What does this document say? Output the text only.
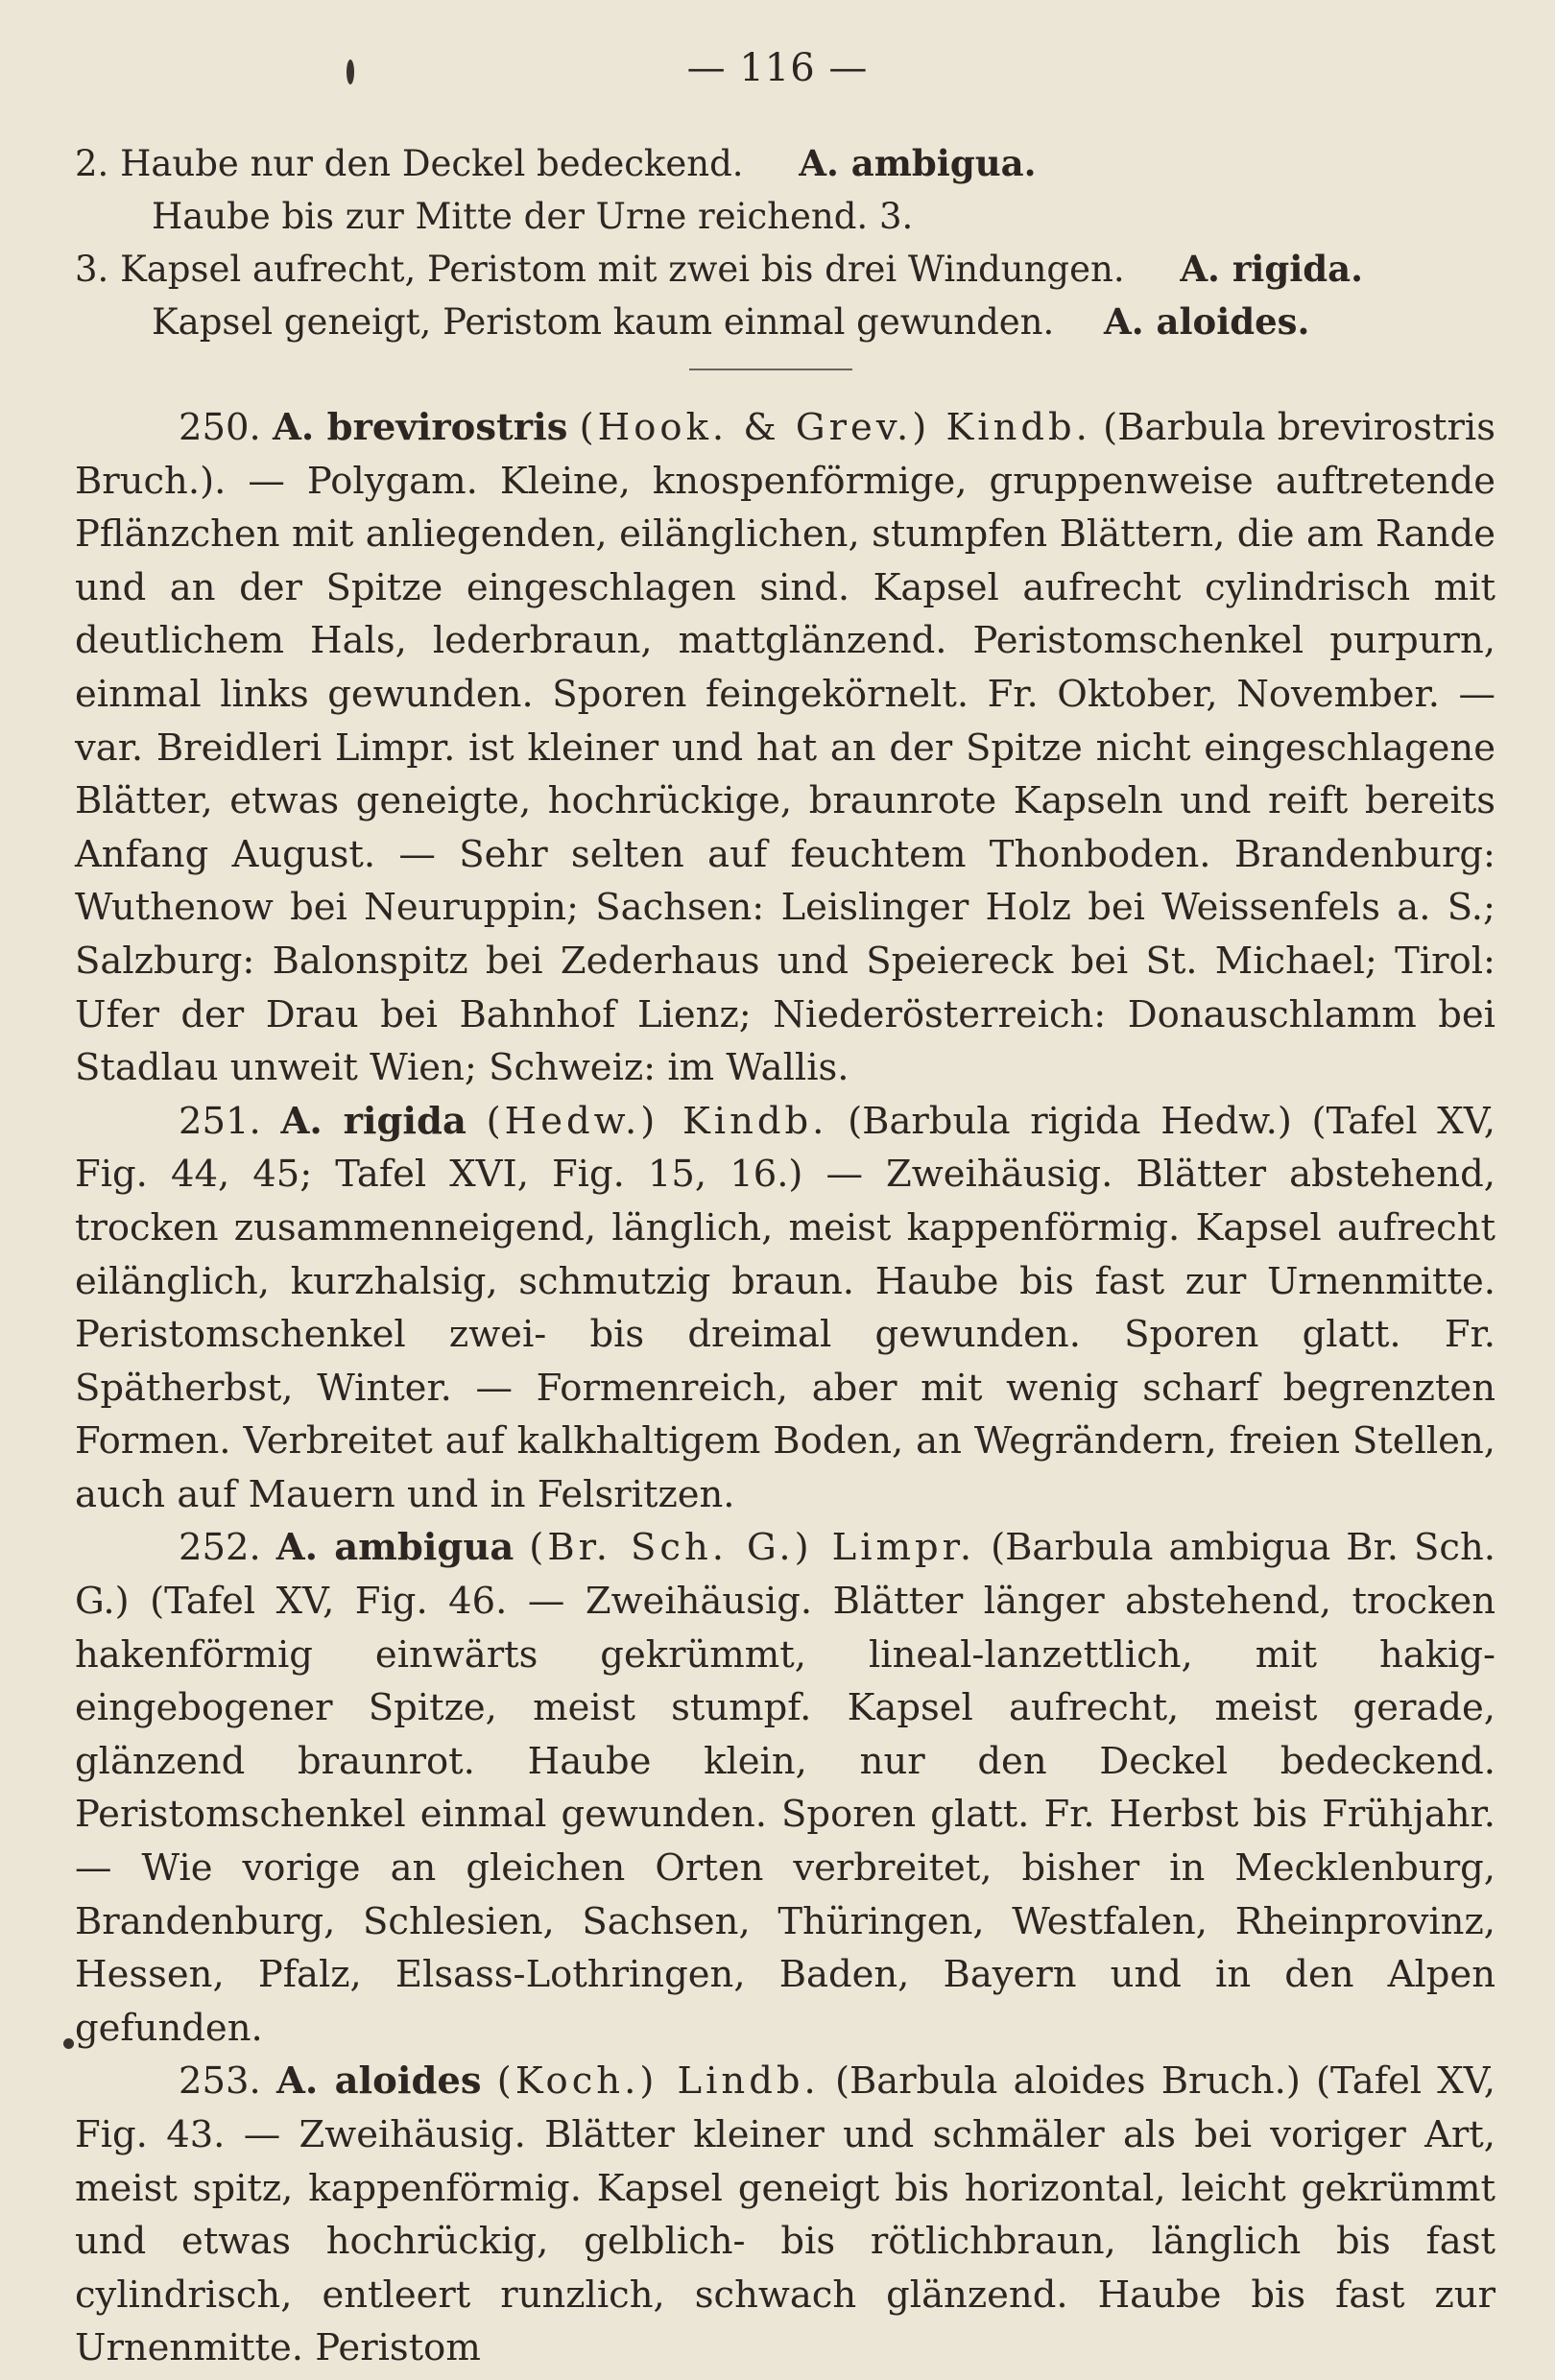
— 116 —
2. Haube nur den Deckel bedeckend. A. ambigua.
Haube bis zur Mitte der Urne reichend. 3.
3. Kapsel aufrecht, Peristom mit zwei bis drei Windungen. A. rigida.
Kapsel geneigt, Peristom kaum einmal gewunden. A. aloides.

250. A. brevirostris (Hook. & Grev.) Kindb. (Barbula brevirostris Bruch.). — Polygam. Kleine, knospenförmige, gruppenweise auftretende Pflänzchen mit anliegenden, eilänglichen, stumpfen Blättern, die am Rande und an der Spitze eingeschlagen sind. Kapsel aufrecht cylindrisch mit deutlichem Hals, lederbraun, mattglänzend. Peristomschenkel purpurn, einmal links gewunden. Sporen feingekörnelt. Fr. Oktober, November. — var. Breidleri Limpr. ist kleiner und hat an der Spitze nicht eingeschlagene Blätter, etwas geneigte, hochrückige, braunrote Kapseln und reift bereits Anfang August. — Sehr selten auf feuchtem Thonboden. Brandenburg: Wuthenow bei Neuruppin; Sachsen: Leislinger Holz bei Weissenfels a. S.; Salzburg: Balonspitz bei Zederhaus und Speiereck bei St. Michael; Tirol: Ufer der Drau bei Bahnhof Lienz; Niederösterreich: Donauschlamm bei Stadlau unweit Wien; Schweiz: im Wallis.

251. A. rigida (Hedw.) Kindb. (Barbula rigida Hedw.) (Tafel XV, Fig. 44, 45; Tafel XVI, Fig. 15, 16.) — Zweihäusig. Blätter abstehend, trocken zusammenneigend, länglich, meist kappenförmig. Kapsel aufrecht eilänglich, kurzhalsig, schmutzig braun. Haube bis fast zur Urnenmitte. Peristomschenkel zwei- bis dreimal gewunden. Sporen glatt. Fr. Spätherbst, Winter. — Formenreich, aber mit wenig scharf begrenzten Formen. Verbreitet auf kalkhaltigem Boden, an Wegrändern, freien Stellen, auch auf Mauern und in Felsritzen.

252. A. ambigua (Br. Sch. G.) Limpr. (Barbula ambigua Br. Sch. G.) (Tafel XV, Fig. 46. — Zweihäusig. Blätter länger abstehend, trocken hakenförmig einwärts gekrümmt, lineal-lanzettlich, mit hakig-eingebogener Spitze, meist stumpf. Kapsel aufrecht, meist gerade, glänzend braunrot. Haube klein, nur den Deckel bedeckend. Peristomschenkel einmal gewunden. Sporen glatt. Fr. Herbst bis Frühjahr. — Wie vorige an gleichen Orten verbreitet, bisher in Mecklenburg, Brandenburg, Schlesien, Sachsen, Thüringen, Westfalen, Rheinprovinz, Hessen, Pfalz, Elsass-Lothringen, Baden, Bayern und in den Alpen gefunden.

253. A. aloides (Koch.) Lindb. (Barbula aloides Bruch.) (Tafel XV, Fig. 43. — Zweihäusig. Blätter kleiner und schmäler als bei voriger Art, meist spitz, kappenförmig. Kapsel geneigt bis horizontal, leicht gekrümmt und etwas hochrückig, gelblich- bis rötlichbraun, länglich bis fast cylindrisch, entleert runzlich, schwach glänzend. Haube bis fast zur Urnenmitte. Peristom
